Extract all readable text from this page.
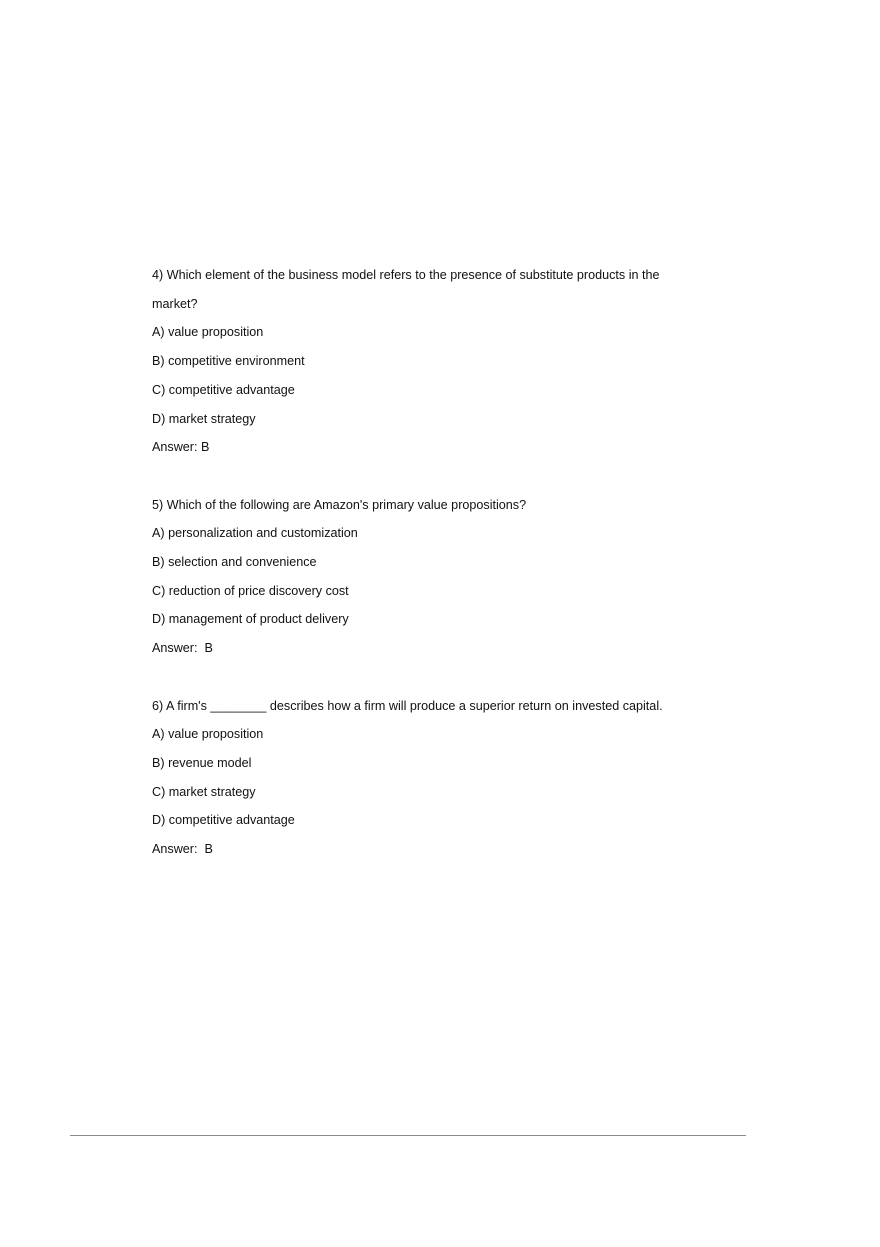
4) Which element of the business model refers to the presence of substitute products in the
market?
A) value proposition
B) competitive environment
C) competitive advantage
D) market strategy
Answer: B
5) Which of the following are Amazon's primary value propositions?
A) personalization and customization
B) selection and convenience
C) reduction of price discovery cost
D) management of product delivery
Answer:  B
6) A firm's ________ describes how a firm will produce a superior return on invested capital.
A) value proposition
B) revenue model
C) market strategy
D) competitive advantage
Answer:  B
